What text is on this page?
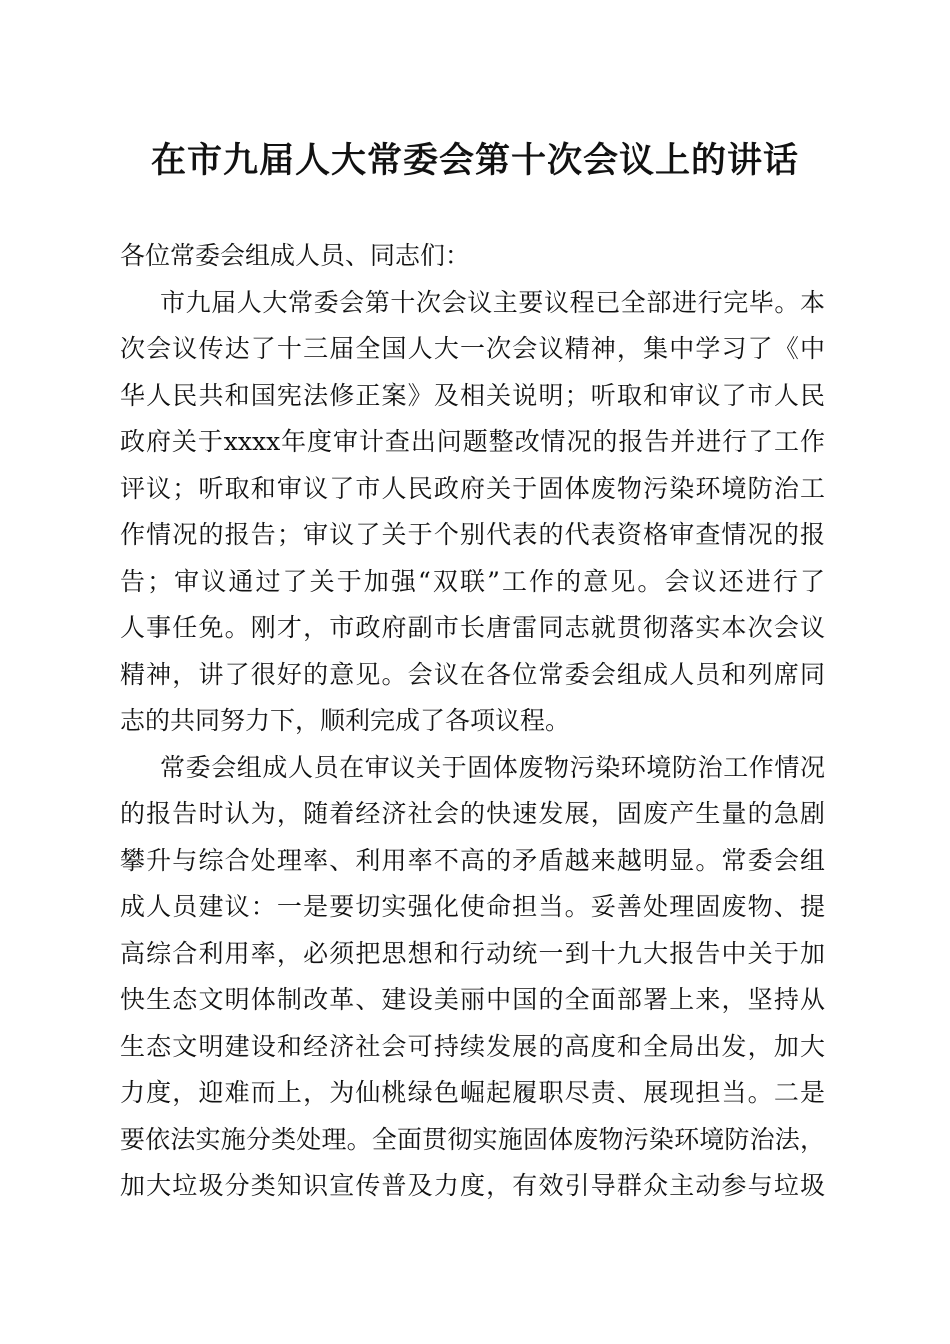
在市九届人大常委会第十次会议上的讲话
各位常委会组成人员、同志们：
市九届人大常委会第十次会议主要议程已全部进行完毕。本
次会议传达了十三届全国人大一次会议精神，集中学习了《中
华人民共和国宪法修正案》及相关说明；听取和审议了市人民
政府关于xxxx年度审计查出问题整改情况的报告并进行了工作
评议；听取和审议了市人民政府关于固体废物污染环境防治工
作情况的报告；审议了关于个别代表的代表资格审查情况的报
告；审议通过了关于加强“双联”工作的意见。会议还进行了
人事任免。刚才，市政府副市长唐雷同志就贯彻落实本次会议
精神，讲了很好的意见。会议在各位常委会组成人员和列席同
志的共同努力下，顺利完成了各项议程。
常委会组成人员在审议关于固体废物污染环境防治工作情况
的报告时认为，随着经济社会的快速发展，固废产生量的急剧
攀升与综合处理率、利用率不高的矛盾越来越明显。常委会组
成人员建议：一是要切实强化使命担当。妥善处理固废物、提
高综合利用率，必须把思想和行动统一到十九大报告中关于加
快生态文明体制改革、建设美丽中国的全面部署上来，坚持从
生态文明建设和经济社会可持续发展的高度和全局出发，加大
力度，迎难而上，为仙桃绿色崛起履职尽责、展现担当。二是
要依法实施分类处理。全面贯彻实施固体废物污染环境防治法，
加大垃圾分类知识宣传普及力度，有效引导群众主动参与垃圾
